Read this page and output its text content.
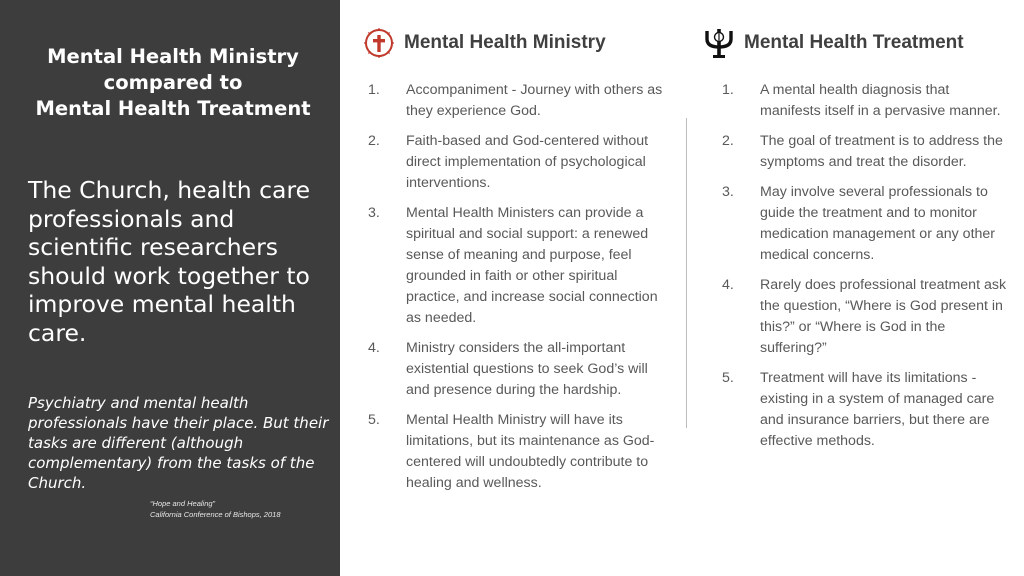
Mental Health Ministry
compared to
Mental Health Treatment
The Church, health care professionals and scientific researchers should work together to improve mental health care.
Psychiatry and mental health professionals have their place. But their tasks are different (although complementary) from the tasks of the Church.
“Hope and Healing”
California Conference of Bishops, 2018
Mental Health Ministry	Mental Health Treatment
1. Accompaniment - Journey with others as they experience God.
2. Faith-based and God-centered without direct implementation of psychological interventions.
3. Mental Health Ministers can provide a spiritual and social support: a renewed sense of meaning and purpose, feel grounded in faith or other spiritual practice, and increase social connection as needed.
4. Ministry considers the all-important existential questions to seek God’s will and presence during the hardship.
5. Mental Health Ministry will have its limitations, but its maintenance as God-centered will undoubtedly contribute to healing and wellness.
1. A mental health diagnosis that manifests itself in a pervasive manner.
2. The goal of treatment is to address the symptoms and treat the disorder.
3. May involve several professionals to guide the treatment and to monitor medication management or any other medical concerns.
4. Rarely does professional treatment ask the question, “Where is God present in this?” or “Where is God in the suffering?”
5. Treatment will have its limitations - existing in a system of managed care and insurance barriers, but there are effective methods.
